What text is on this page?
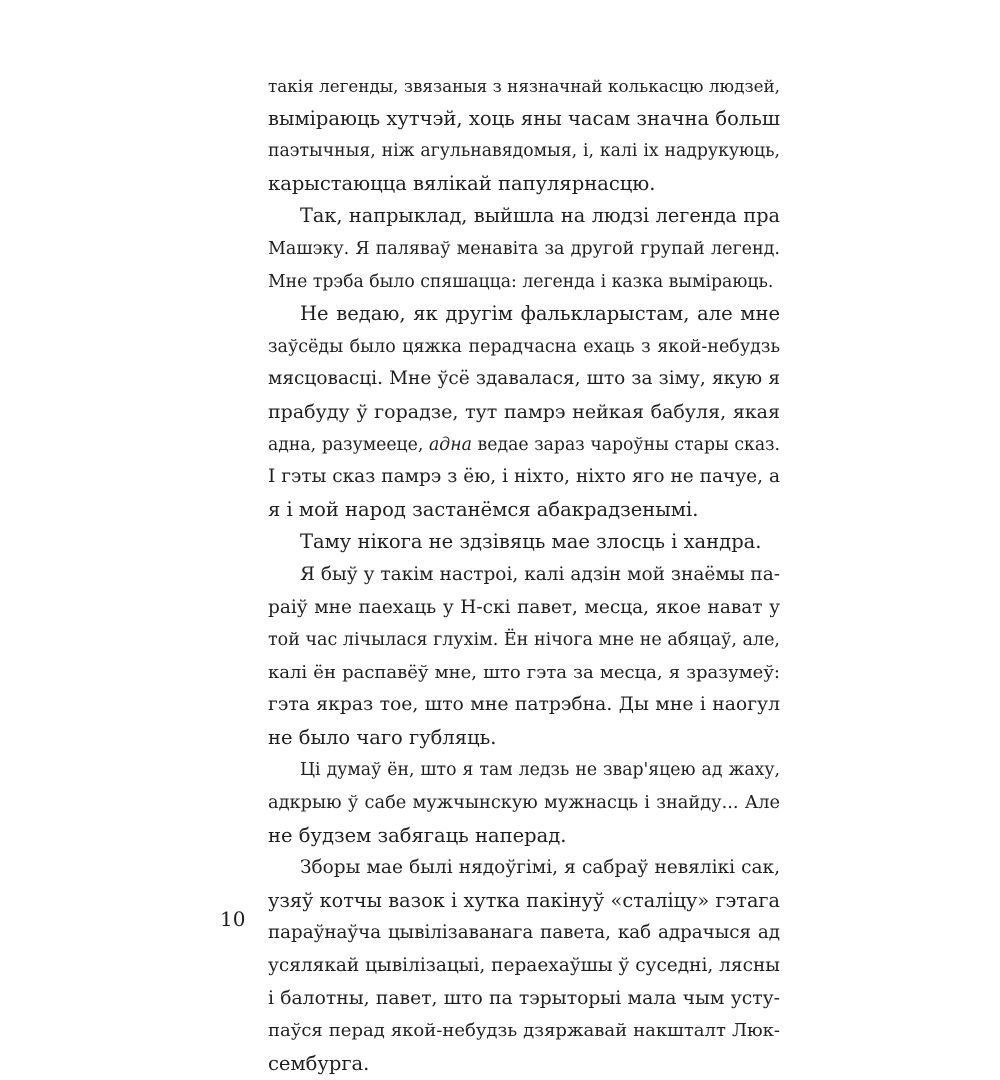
такія легенды, звязаныя з нязначнай колькасцю людзей,
выміраюць хутчэй, хоць яны часам значна больш
паэтычныя, ніж агульнавядомыя, і, калі іх надрукуюць,
карыстаюцца вялікай папулярнасцю.
Так, напрыклад, выйшла на людзі легенда пра
Машэку. Я паляваў менавіта за другой групай легенд.
Мне трэба было спяшацца: легенда і казка выміраюць.
Не ведаю, як другім фалькларыстам, але мне
заўсёды было цяжка перадчасна ехаць з якой-небудзь
мясцовасці. Мне ўсё здавалася, што за зіму, якую я
прабуду ў горадзе, тут памрэ нейкая бабуля, якая
адна, разумееце, адна ведае зараз чароўны стары сказ.
І гэты сказ памрэ з ёю, і ніхто, ніхто яго не пачуе, а
я і мой народ застанёмся абакрадзенымі.
Таму нікога не здзівяць мае злосць і хандра.
Я быў у такім настроі, калі адзін мой знаёмы па-
раіў мне паехаць у Н-скі павет, месца, якое нават у
той час лічылася глухім. Ён нічога мне не абяцаў, але,
калі ён распавёў мне, што гэта за месца, я зразумеў:
гэта якраз тое, што мне патрэбна. Ды мне і наогул
не было чаго губляць.
Ці думаў ён, што я там ледзь не звар'яцею ад жаху,
адкрыю ў сабе мужчынскую мужнасць і знайду... Але
не будзем забягаць наперад.
Зборы мае былі нядоўгімі, я сабраў невялікі сак,
узяў котчы вазок і хутка пакінуў «сталіцу» гэтага
параўнаўча цывілізаванага павета, каб адрачыся ад
усялякай цывілізацыі, пераехаўшы ў суседні, лясны
і балотны, павет, што па тэрыторыі мала чым усту-
паўся перад якой-небудзь дзяржавай накшталт Люк-
сембурга.
10
